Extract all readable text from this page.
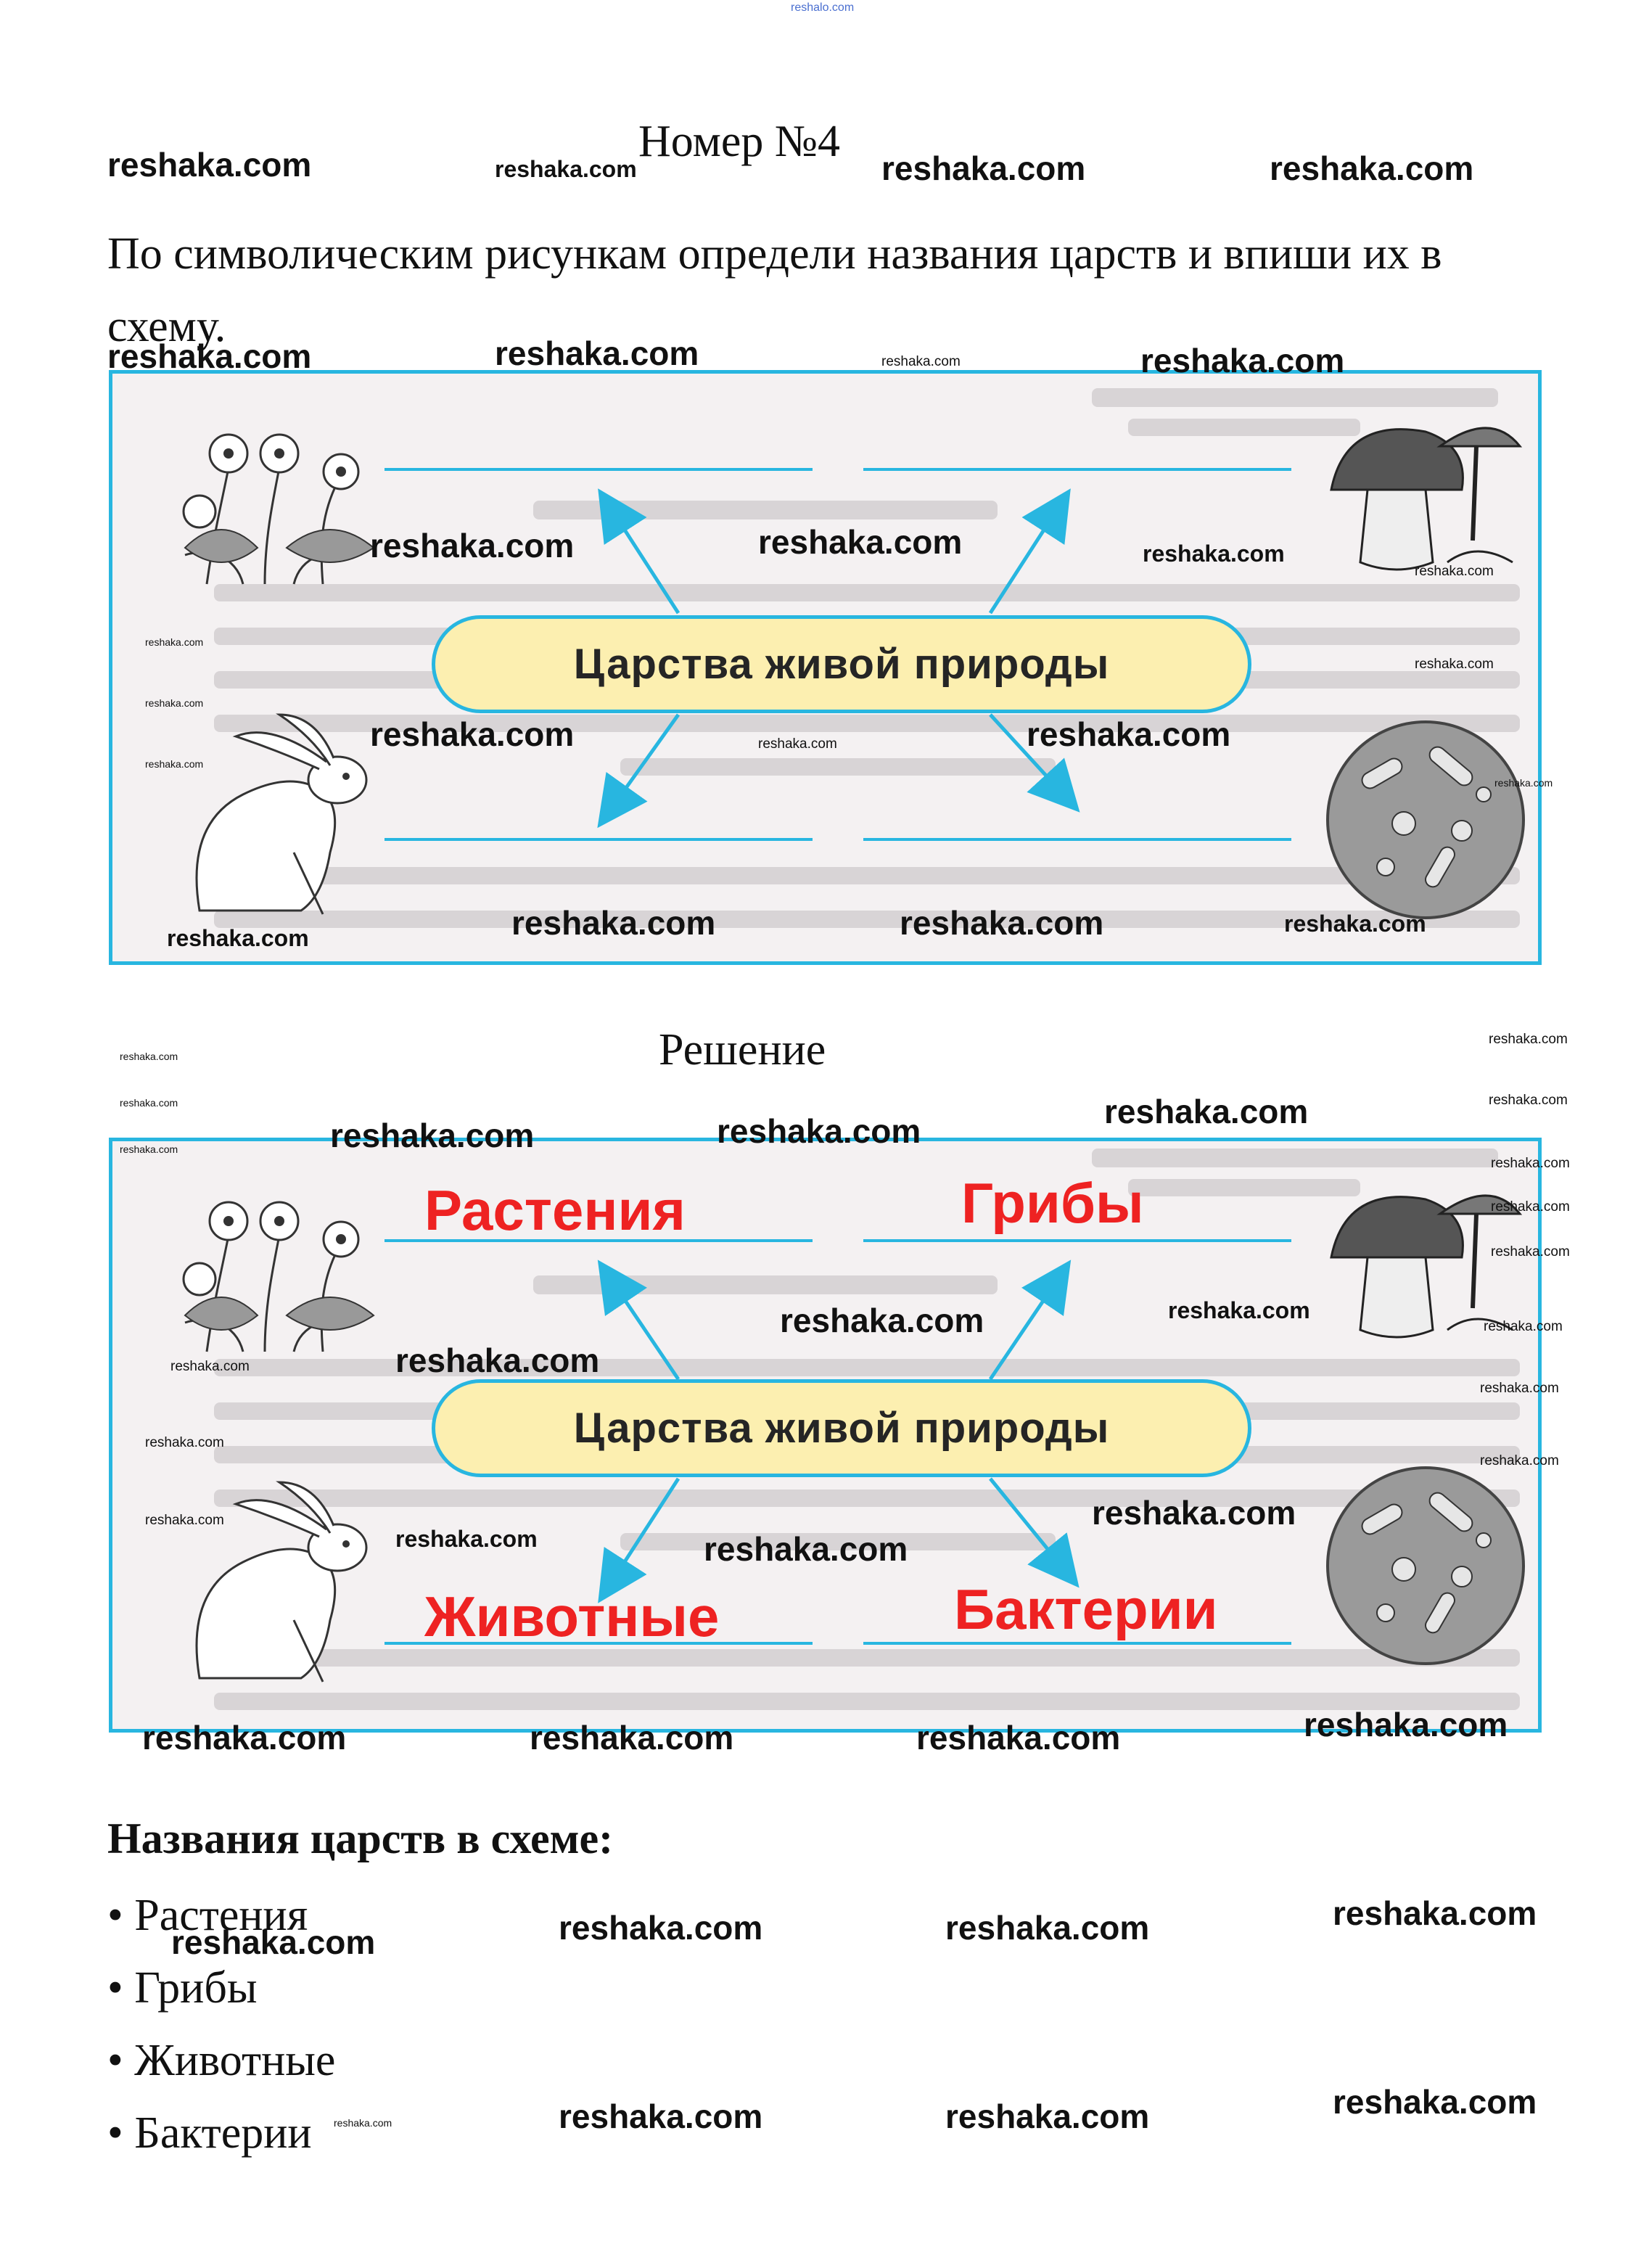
reshalo.com
Номер №4
По символическим рисункам определи названия царств и впиши их в схему.
Царства живой природы
reshaka.com	reshaka.com	reshaka.com
reshaka.com
reshaka.com
reshaka.com
reshaka.com
reshaka.com	reshaka.com	reshaka.com
reshaka.com
reshaka.com
reshaka.com	reshaka.com	reshaka.com	reshaka.com
Решение
Царства живой природы
Растения	Грибы
Животные	Бактерии
reshaka.com
reshaka.com
reshaka.com
reshaka.com	reshaka.com
reshaka.com
reshaka.com	reshaka.com
reshaka.com
reshaka.com
reshaka.com
reshaka.com
reshaka.com
reshaka.com	reshaka.com
reshaka.com	reshaka.com	reshaka.com	reshaka.com
reshaka.com	reshaka.com	reshaka.com	reshaka.com
reshaka.com
reshaka.com
reshaka.com	reshaka.com
reshaka.com	reshaka.com	reshaka.com
reshaka.com
reshaka.com	reshaka.com	reshaka.com	reshaka.com
Названия царств в схеме:
• Растения
• Грибы
• Животные
• Бактерии
reshaka.com	reshaka.com	reshaka.com	reshaka.com
reshaka.com	reshaka.com	reshaka.com	reshaka.com
